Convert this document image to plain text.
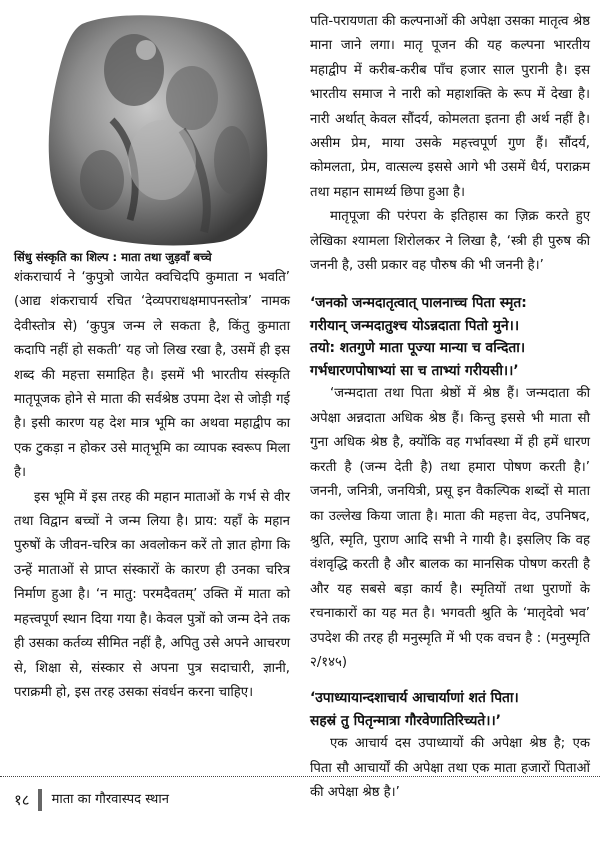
सिंधु संस्कृति का शिल्प : माता तथा जुड़वाँ बच्चे

शंकराचार्य ने ‘कुपुत्रो जायेत क्वचिदपि कुमाता न भवति’ (आद्य शंकराचार्य रचित ‘देव्यपराधक्षमापनस्तोत्र’ नामक देवीस्तोत्र से) ‘कुपुत्र जन्म ले सकता है, किंतु कुमाता कदापि नहीं हो सकती’ यह जो लिख रखा है, उसमें ही इस शब्द की महत्ता समाहित है। इसमें भी भारतीय संस्कृति मातृपूजक होने से माता की सर्वश्रेष्ठ उपमा देश से जोड़ी गई है। इसी कारण यह देश मात्र भूमि का अथवा महाद्वीप का एक टुकड़ा न होकर उसे मातृभूमि का व्यापक स्वरूप मिला है।

इस भूमि में इस तरह की महान माताओं के गर्भ से वीर तथा विद्वान बच्चों ने जन्म लिया है। प्राय: यहाँ के महान पुरुषों के जीवन-चरित्र का अवलोकन करें तो ज्ञात होगा कि उन्हें माताओं से प्राप्त संस्कारों के कारण ही उनका चरित्र निर्माण हुआ है। ‘न मातु: परमदैवतम्’ उक्ति में माता को महत्त्वपूर्ण स्थान दिया गया है। केवल पुत्रों को जन्म देने तक ही उसका कर्तव्य सीमित नहीं है, अपितु उसे अपने आचरण से, शिक्षा से, संस्कार से अपना पुत्र सदाचारी, ज्ञानी, पराक्रमी हो, इस तरह उसका संवर्धन करना चाहिए।

पति-परायणता की कल्पनाओं की अपेक्षा उसका मातृत्व श्रेष्ठ माना जाने लगा। मातृ पूजन की यह कल्पना भारतीय महाद्वीप में करीब-करीब पाँच हजार साल पुरानी है। इस भारतीय समाज ने नारी को महाशक्ति के रूप में देखा है। नारी अर्थात् केवल सौंदर्य, कोमलता इतना ही अर्थ नहीं है। असीम प्रेम, माया उसके महत्त्वपूर्ण गुण हैं। सौंदर्य, कोमलता, प्रेम, वात्सल्य इससे आगे भी उसमें धैर्य, पराक्रम तथा महान सामर्थ्य छिपा हुआ है।

मातृपूजा की परंपरा के इतिहास का ज़िक्र करते हुए लेखिका श्यामला शिरोलकर ने लिखा है, ‘स्त्री ही पुरुष की जननी है, उसी प्रकार वह पौरुष की भी जननी है।’

‘जनको जन्मदातृत्वात् पालनाच्च पिता स्मृत:

गरीयान् जन्मदातुश्च योऽन्नदाता पितो मुने।।

तयो: शतगुणे माता पूज्या मान्या च वन्दिता।

गर्भधारणपोषाभ्यां सा च ताभ्यां गरीयसी।।’

‘जन्मदाता तथा पिता श्रेष्ठों में श्रेष्ठ हैं। जन्मदाता की अपेक्षा अन्नदाता अधिक श्रेष्ठ हैं। किन्तु इससे भी माता सौ गुना अधिक श्रेष्ठ है, क्योंकि वह गर्भावस्था में ही हमें धारण करती है (जन्म देती है) तथा हमारा पोषण करती है।’ जननी, जनित्री, जनयित्री, प्रसू इन वैकल्पिक शब्दों से माता का उल्लेख किया जाता है। माता की महत्ता वेद, उपनिषद, श्रुति, स्मृति, पुराण आदि सभी ने गायी है। इसलिए कि वह वंशवृद्धि करती है और बालक का मानसिक पोषण करती है और यह सबसे बड़ा कार्य है। स्मृतियों तथा पुराणों के रचनाकारों का यह मत है। भगवती श्रुति के ‘मातृदेवो भव’ उपदेश की तरह ही मनुस्मृति में भी एक वचन है : (मनुस्मृति २/१४५)

‘उपाध्यायान्दशाचार्य आचार्याणां शतं पिता।

सहस्रं तु पितृन्मात्रा गौरवेणातिरिच्यते।।’

एक आचार्य दस उपाध्यायों की अपेक्षा श्रेष्ठ है; एक पिता सौ आचार्यों की अपेक्षा तथा एक माता हजारों पिताओं की अपेक्षा श्रेष्ठ है।’

१८ माता का गौरवास्पद स्थान
